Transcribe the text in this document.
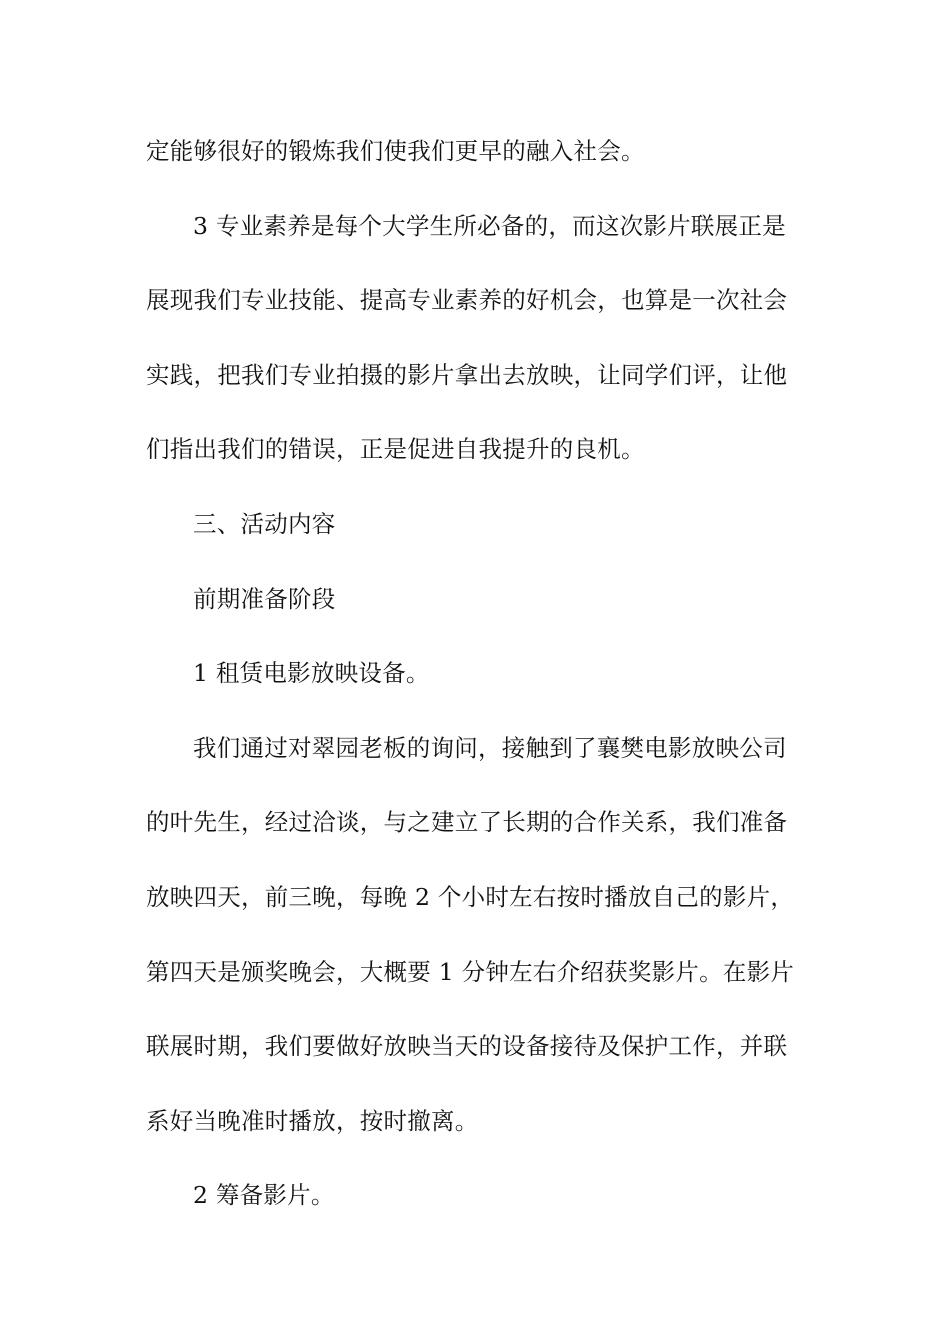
定能够很好的锻炼我们使我们更早的融入社会。
3 专业素养是每个大学生所必备的，而这次影片联展正是
展现我们专业技能、提高专业素养的好机会，也算是一次社会
实践，把我们专业拍摄的影片拿出去放映，让同学们评，让他
们指出我们的错误，正是促进自我提升的良机。
三、活动内容
前期准备阶段
1 租赁电影放映设备。
我们通过对翠园老板的询问，接触到了襄樊电影放映公司
的叶先生，经过洽谈，与之建立了长期的合作关系，我们准备
放映四天，前三晚，每晚 2 个小时左右按时播放自己的影片，
第四天是颁奖晚会，大概要 1 分钟左右介绍获奖影片。在影片
联展时期，我们要做好放映当天的设备接待及保护工作，并联
系好当晚准时播放，按时撤离。
2 筹备影片。
